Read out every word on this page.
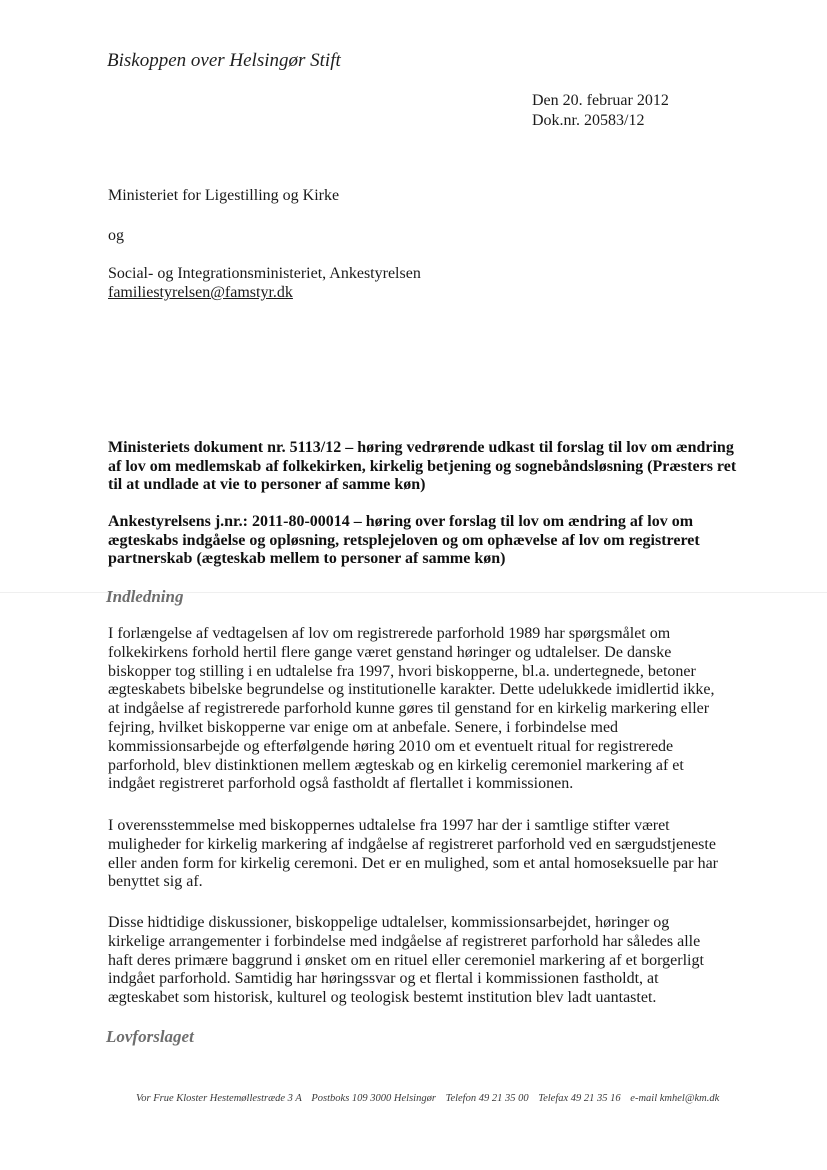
Biskoppen over Helsingør Stift
Den 20. februar 2012
Dok.nr. 20583/12
Ministeriet for Ligestilling og Kirke
og
Social- og Integrationsministeriet, Ankestyrelsen
familiestyrelsen@famstyr.dk
Ministeriets dokument nr. 5113/12 – høring vedrørende udkast til forslag til lov om ændring
af lov om medlemskab af folkekirken, kirkelig betjening og sognebåndsløsning (Præsters ret
til at undlade at vie to personer af samme køn)
Ankestyrelsens j.nr.: 2011-80-00014 – høring over forslag til lov om ændring af lov om
ægteskabs indgåelse og opløsning, retsplejeloven og om ophævelse af lov om registreret
partnerskab (ægteskab mellem to personer af samme køn)
Indledning
I forlængelse af vedtagelsen af lov om registrerede parforhold 1989 har spørgsmålet om
folkekirkens forhold hertil flere gange været genstand høringer og udtalelser. De danske
biskopper tog stilling i en udtalelse fra 1997, hvori biskopperne, bl.a. undertegnede, betoner
ægteskabets bibelske begrundelse og institutionelle karakter. Dette udelukkede imidlertid ikke,
at indgåelse af registrerede parforhold kunne gøres til genstand for en kirkelig markering eller
fejring, hvilket biskopperne var enige om at anbefale. Senere, i forbindelse med
kommissionsarbejde og efterfølgende høring 2010 om et eventuelt ritual for registrerede
parforhold, blev distinktionen mellem ægteskab og en kirkelig ceremoniel markering af et
indgået registreret parforhold også fastholdt af flertallet i kommissionen.
I overensstemmelse med biskoppernes udtalelse fra 1997 har der i samtlige stifter været
muligheder for kirkelig markering af indgåelse af registreret parforhold ved en særgudstjeneste
eller anden form for kirkelig ceremoni. Det er en mulighed, som et antal homoseksuelle par har
benyttet sig af.
Disse hidtidige diskussioner, biskoppelige udtalelser, kommissionsarbejdet, høringer og
kirkelige arrangementer i forbindelse med indgåelse af registreret parforhold har således alle
haft deres primære baggrund i ønsket om en rituel eller ceremoniel markering af et borgerligt
indgået parforhold. Samtidig har høringssvar og et flertal i kommissionen fastholdt, at
ægteskabet som historisk, kulturel og teologisk bestemt institution blev ladt uantastet.
Lovforslaget
Vor Frue Kloster Hestemøllestræde 3 A Postboks 109 3000 Helsingør Telefon 49 21 35 00 Telefax 49 21 35 16 e-mail kmhel@km.dk
